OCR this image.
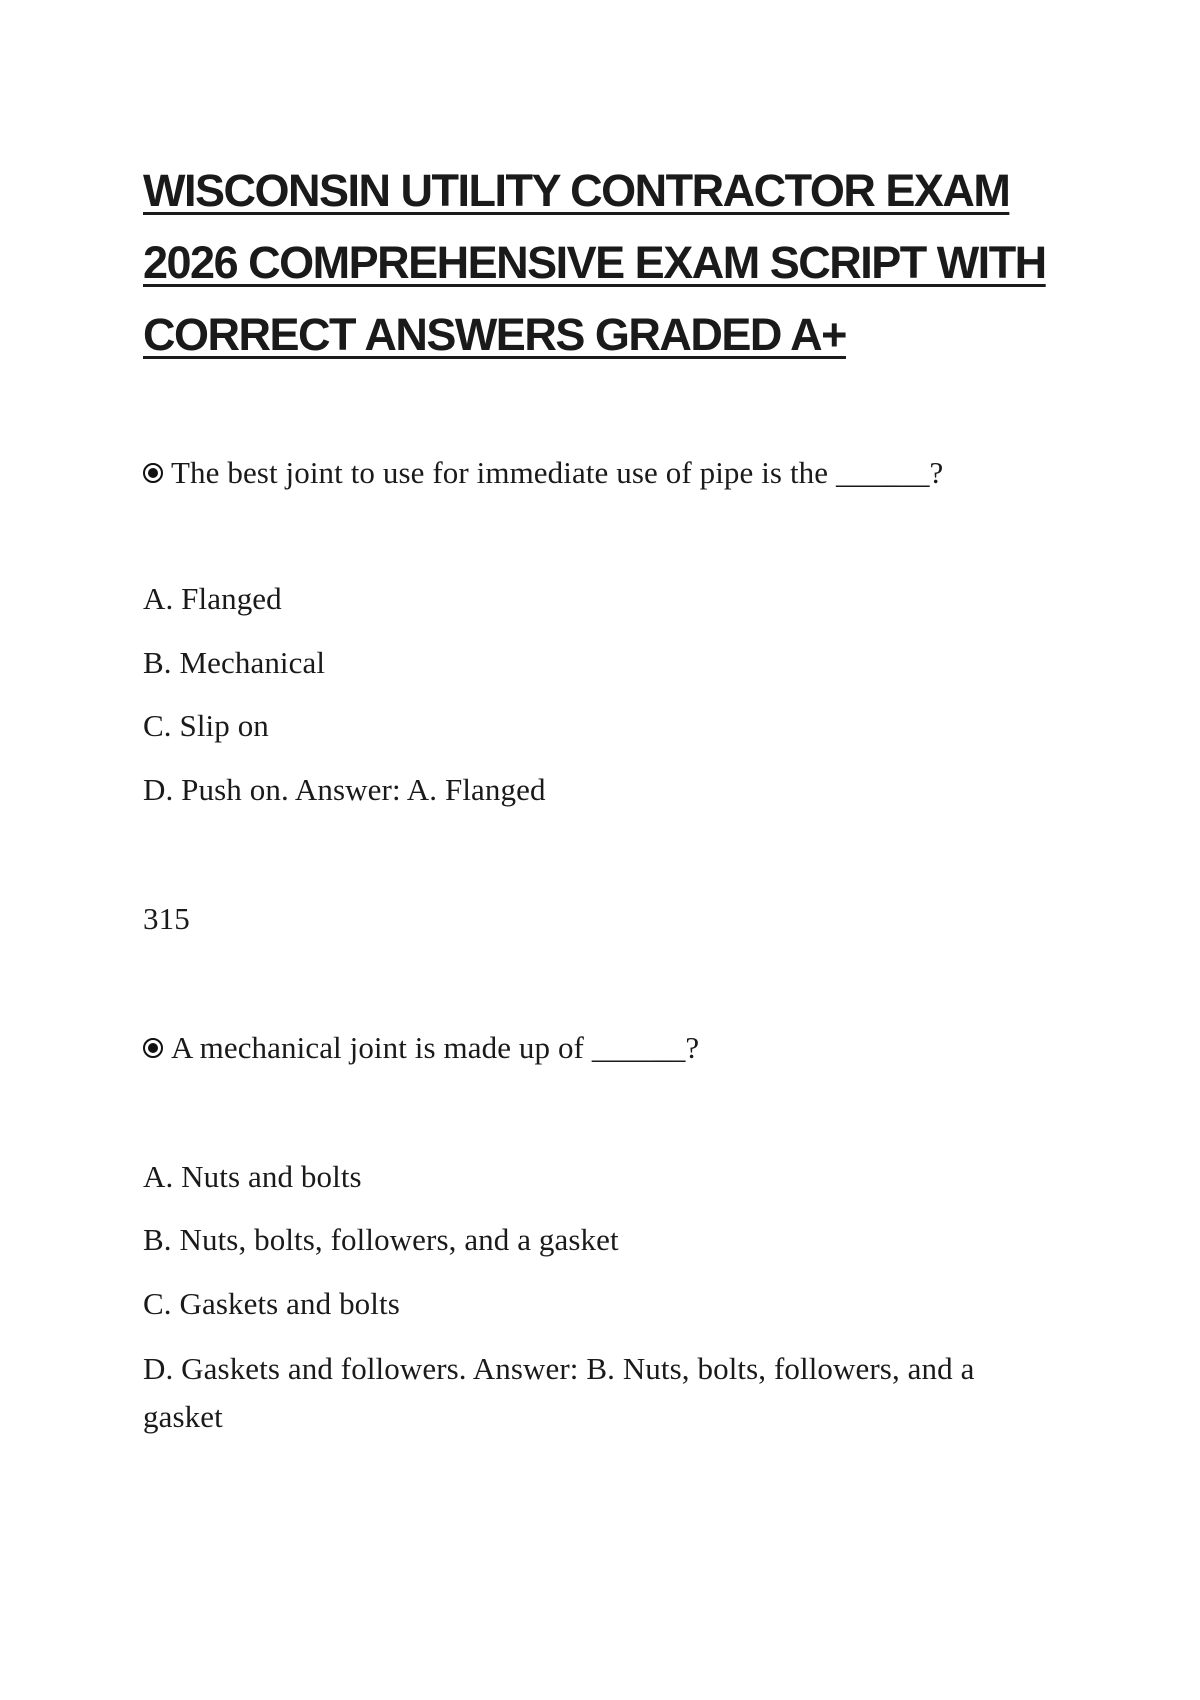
WISCONSIN UTILITY CONTRACTOR EXAM
2026 COMPREHENSIVE EXAM SCRIPT WITH
CORRECT ANSWERS GRADED A+
The best joint to use for immediate use of pipe is the ______?
A. Flanged
B. Mechanical
C. Slip on
D. Push on. Answer: A. Flanged
315
A mechanical joint is made up of ______?
A. Nuts and bolts
B. Nuts, bolts, followers, and a gasket
C. Gaskets and bolts
D. Gaskets and followers. Answer: B. Nuts, bolts, followers, and a gasket
